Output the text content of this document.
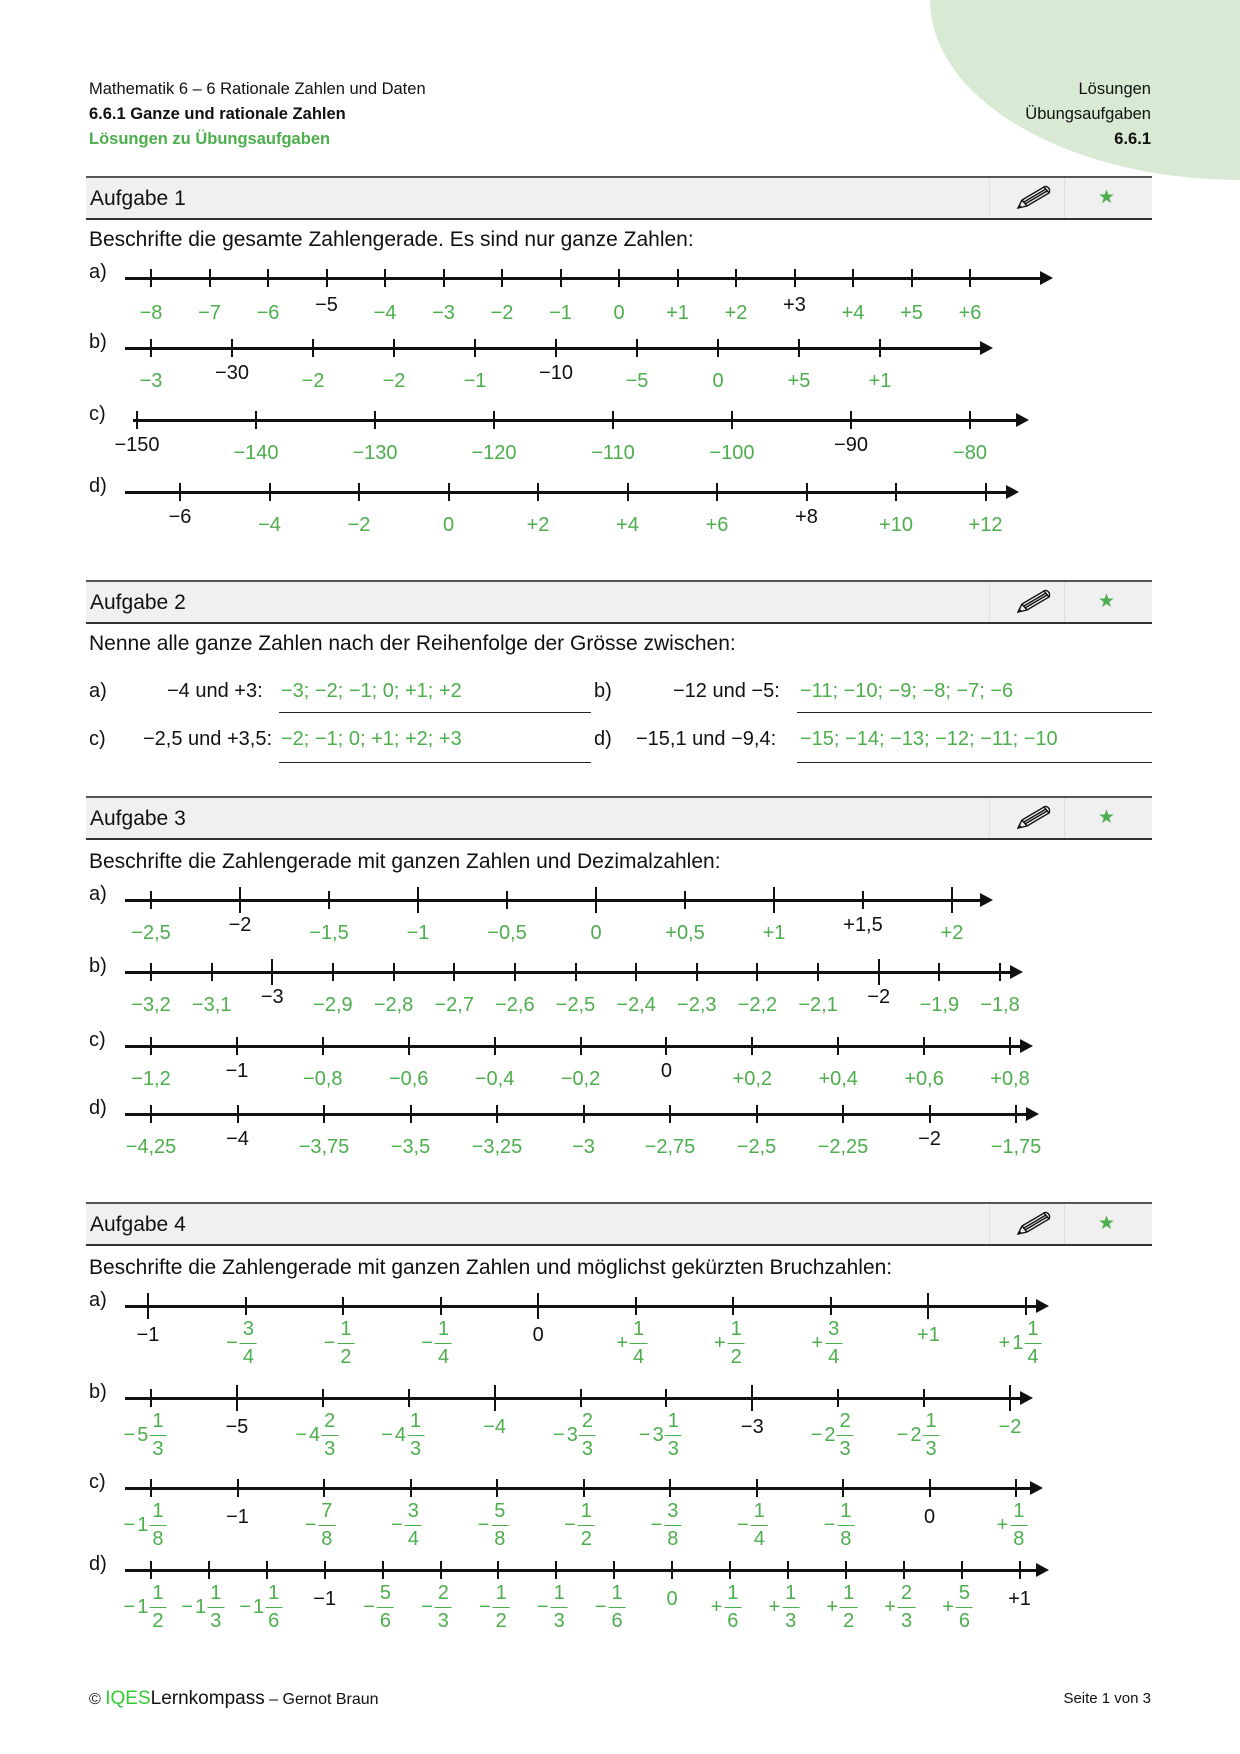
Mathematik 6 – 6 Rationale Zahlen und Daten
6.6.1 Ganze und rationale Zahlen
Lösungen zu Übungsaufgaben
Lösungen
Übungsaufgaben
6.6.1
Aufgabe 1	★
Beschrifte die gesamte Zahlengerade. Es sind nur ganze Zahlen:
a)
−8 −7 −6 −5 −4 −3 −2 −1 0 +1 +2 +3 +4 +5 +6
b)
−3	−30	−2	−2	−1	−10	−5	0	+5	+1
c)
−150	−140	−130	−120	−110	−100	−90	−80
d)
−6	−4	−2	0	+2	+4	+6	+8	+10	+12
Aufgabe 2	★
Nenne alle ganze Zahlen nach der Reihenfolge der Grösse zwischen:
a)	−4 und +3: −3; −2; −1; 0; +1; +2	b)	−12 und −5: −11; −10; −9; −8; −7; −6
c) −2,5 und +3,5: −2; −1; 0; +1; +2; +3	d) −15,1 und −9,4: −15; −14; −13; −12; −11; −10
Aufgabe 3	★
Beschrifte die Zahlengerade mit ganzen Zahlen und Dezimalzahlen:
a)
−2,5	−2	−1,5	−1	−0,5	0	+0,5	+1	+1,5	+2
b)
−3,2 −3,1 −3 −2,9 −2,8 −2,7 −2,6 −2,5 −2,4 −2,3 −2,2 −2,1 −2 −1,9 −1,8
c)
−1,2	−1	−0,8 −0,6 −0,4 −0,2	0	+0,2 +0,4 +0,6 +0,8
d)
−4,25 −4 −3,75 −3,5 −3,25 −3 −2,75 −2,5 −2,25 −2 −1,75
Aufgabe 4	★
Beschrifte die Zahlengerade mit ganzen Zahlen und möglichst gekürzten Bruchzahlen:
a)
−1	− $\frac{3}{4}$	− $\frac{1}{2}$	− $\frac{1}{4}$	0	+ $\frac{1}{4}$	+ $\frac{1}{2}$	+ $\frac{3}{4}$	+1	+ $1 \frac{1}{4}$
b)
− $5 \frac{1}{3}$	$-5 - 4 \frac{2}{3} - 4 \frac{1}{3}$	$-4 - 3 \frac{2}{3} - 3 \frac{1}{3}$	$-3 - 2 \frac{2}{3} - 2 \frac{1}{3}$	−2
c)
− $1 \frac{1}{8}$	−1	− $\frac{7}{8}$	− $\frac{3}{4}$	− $\frac{5}{8}$	− $\frac{1}{2}$	− $\frac{3}{8}$	− $\frac{1}{4}$	− $\frac{1}{8}$	0	+ $\frac{1}{8}$
d)
− $1 \frac{1}{2} - 1 \frac{1}{3} - 1 \frac{1}{6} -1 - \frac{5}{6} - \frac{2}{3} - \frac{1}{2} - \frac{1}{3} - \frac{1}{6} 0 + \frac{1}{6} + \frac{1}{3} + \frac{1}{2} + \frac{2}{3} + \frac{5}{6} +1$
© IQESLernkompass – Gernot Braun	Seite 1 von 3
